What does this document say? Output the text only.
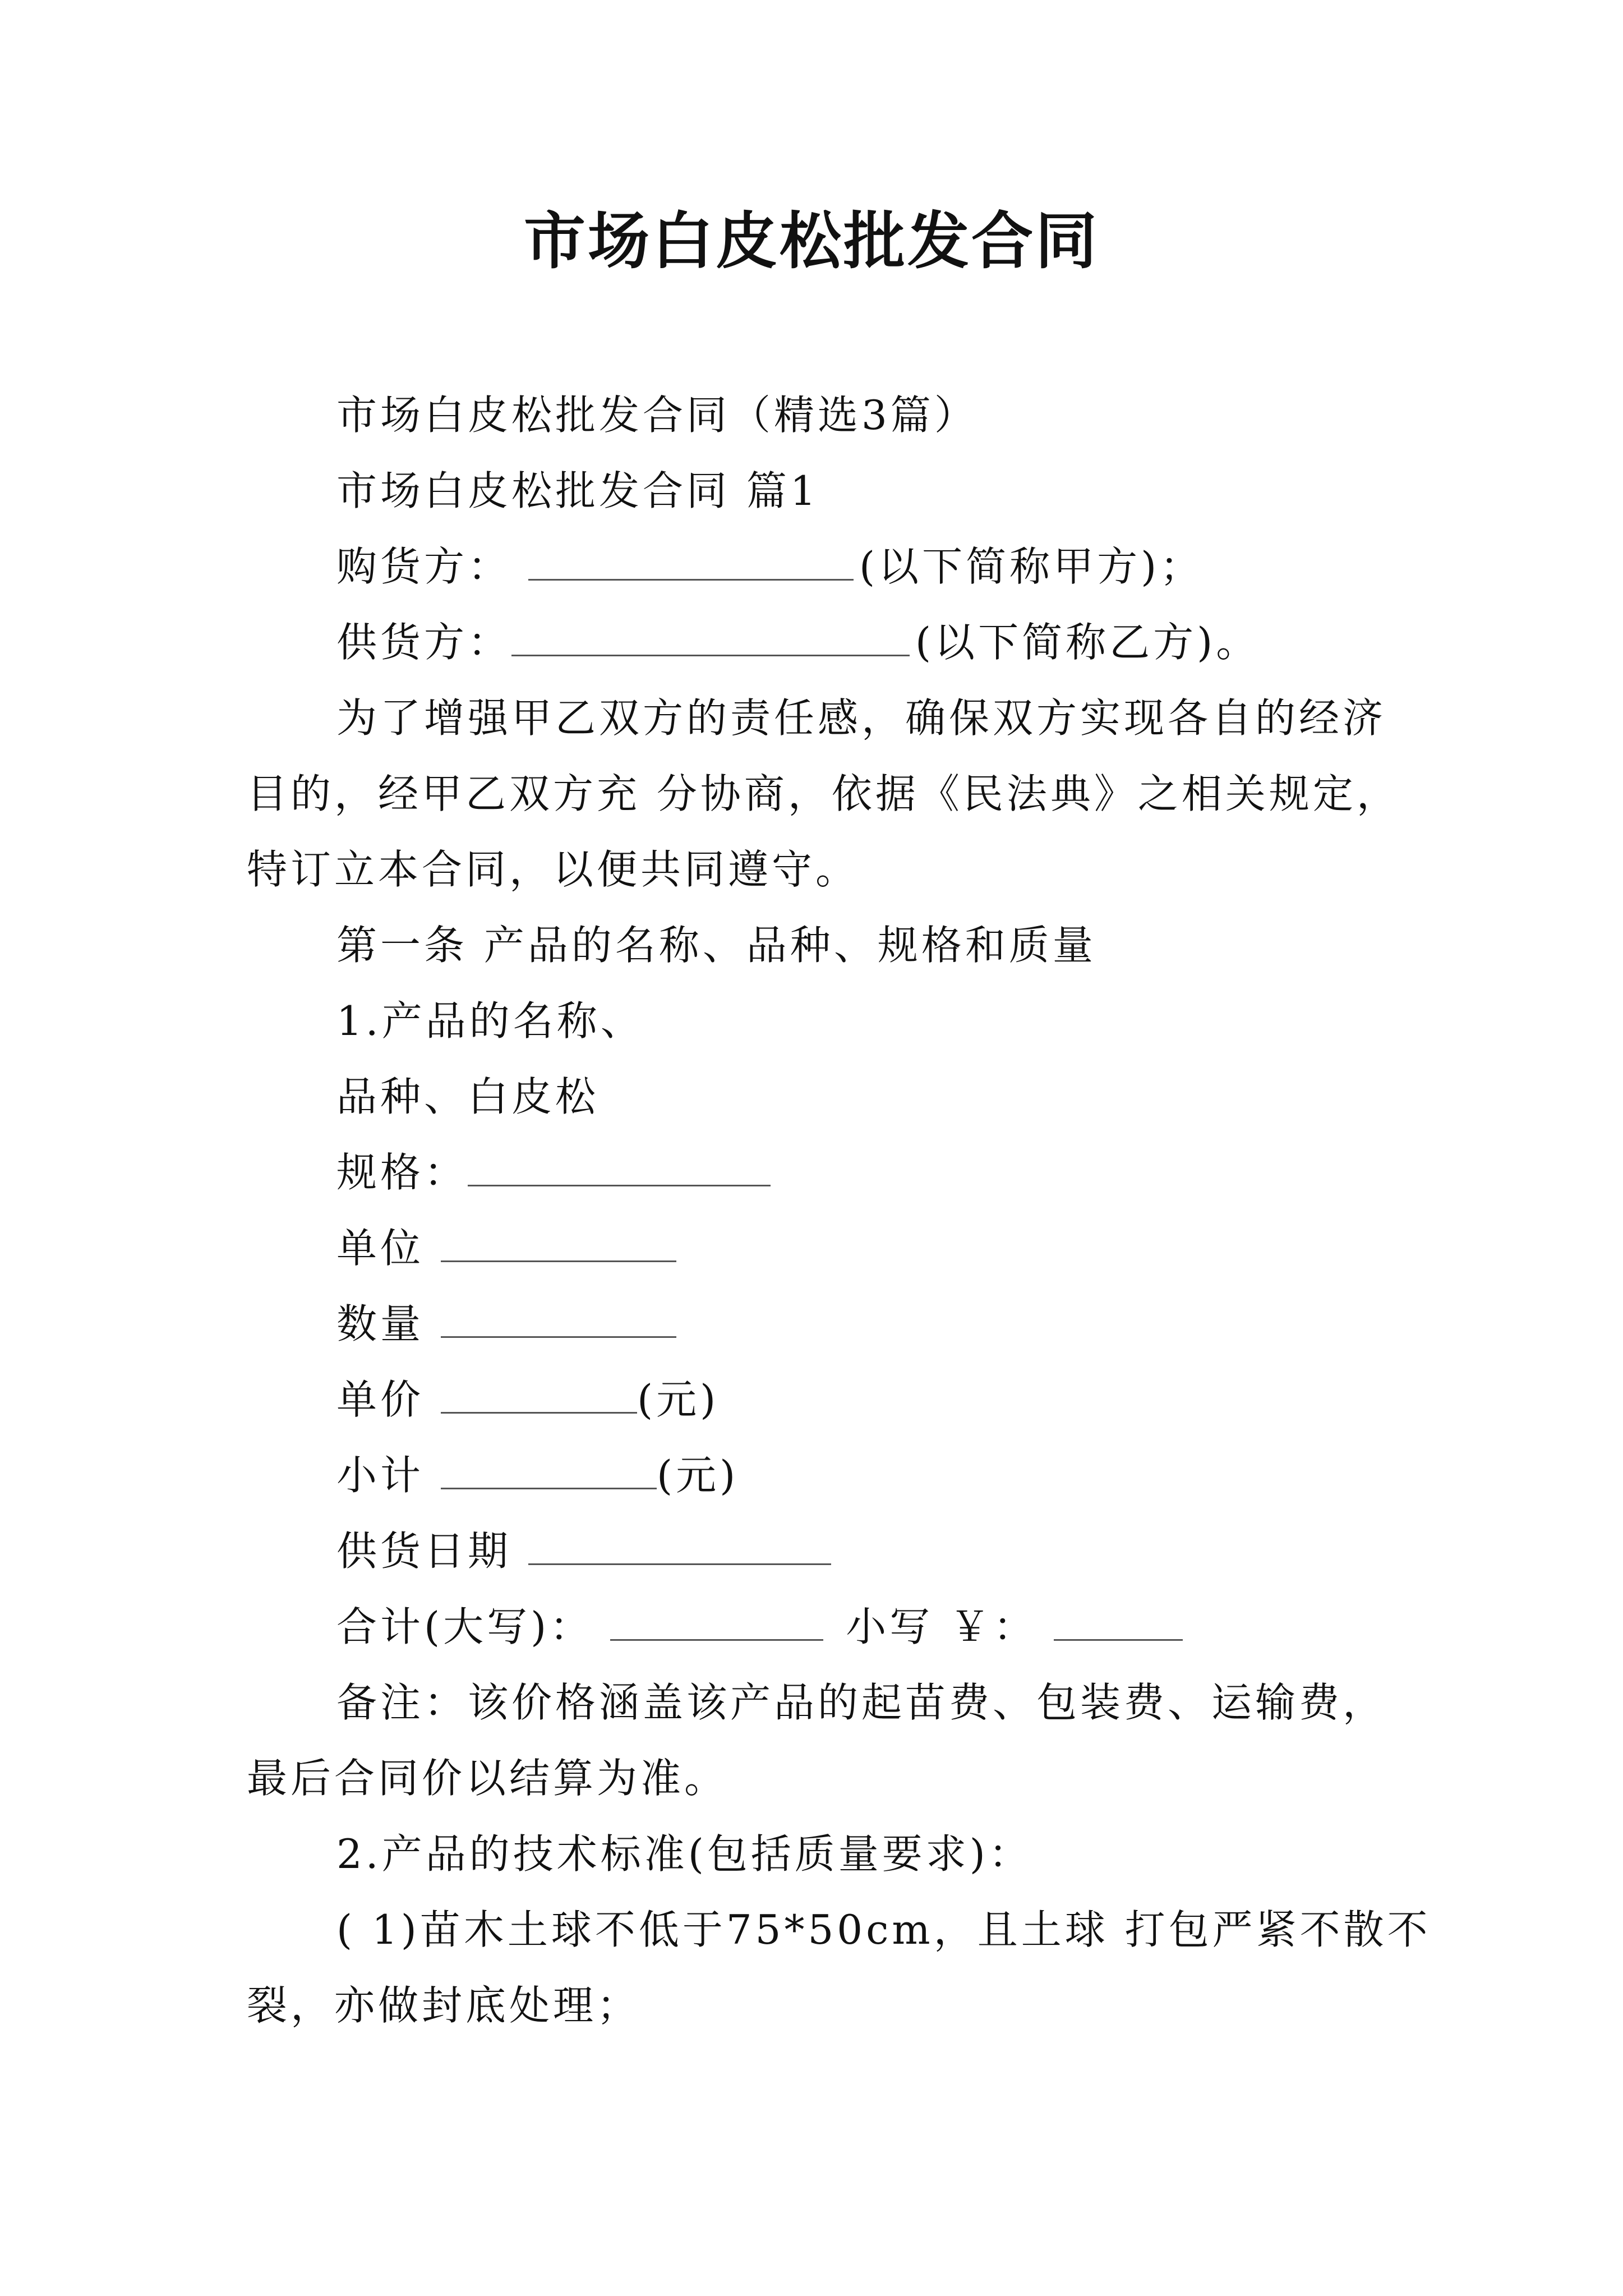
市场白皮松批发合同
市场白皮松批发合同（精选3篇）
市场白皮松批发合同 篇1
购货方：	(以下简称甲方)；
供货方：	(以下简称乙方)。
为了增强甲乙双方的责任感，确保双方实现各自的经济
目的，经甲乙双方充 分协商，依据《民法典》之相关规定，
特订立本合同，以便共同遵守。
第一条 产品的名称、品种、规格和质量
1.产品的名称、
品种、白皮松
规格：
单位
数量
单价	(元)
小计	(元)
供货日期
合计(大写)：	小写 ￥：
备注：该价格涵盖该产品的起苗费、包装费、运输费，
最后合同价以结算为准。
2.产品的技术标准(包括质量要求)：
( 1)苗木土球不低于75*50cm，且土球 打包严紧不散不
裂，亦做封底处理；
